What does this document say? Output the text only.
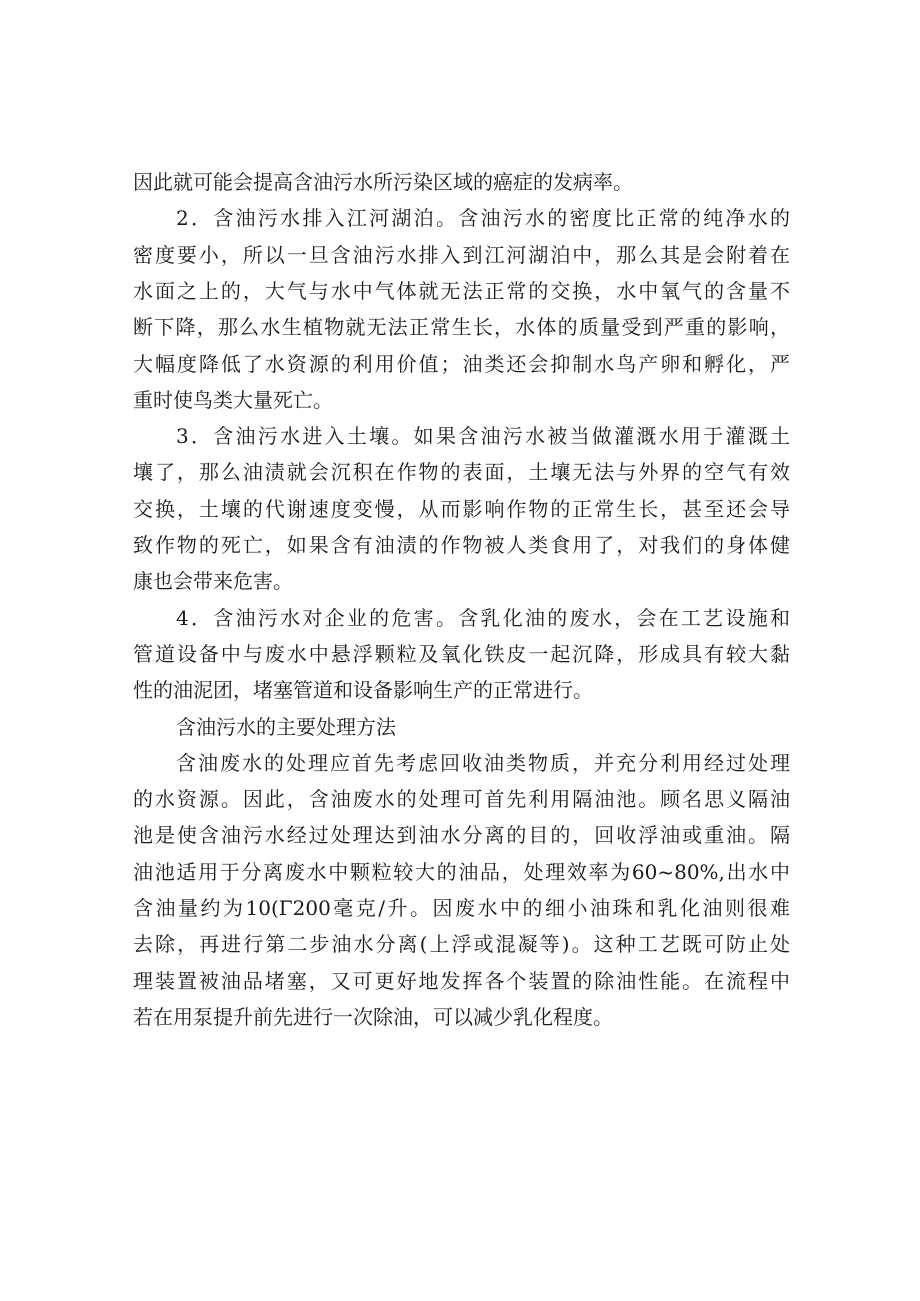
因此就可能会提高含油污水所污染区域的癌症的发病率。
2．含油污水排入江河湖泊。含油污水的密度比正常的纯净水的
密度要小，所以一旦含油污水排入到江河湖泊中，那么其是会附着在
水面之上的，大气与水中气体就无法正常的交换，水中氧气的含量不
断下降，那么水生植物就无法正常生长，水体的质量受到严重的影响，
大幅度降低了水资源的利用价值；油类还会抑制水鸟产卵和孵化，严
重时使鸟类大量死亡。
3．含油污水进入土壤。如果含油污水被当做灌溉水用于灌溉土
壤了，那么油渍就会沉积在作物的表面，土壤无法与外界的空气有效
交换，土壤的代谢速度变慢，从而影响作物的正常生长，甚至还会导
致作物的死亡，如果含有油渍的作物被人类食用了，对我们的身体健
康也会带来危害。
4．含油污水对企业的危害。含乳化油的废水，会在工艺设施和
管道设备中与废水中悬浮颗粒及氧化铁皮一起沉降，形成具有较大黏
性的油泥团，堵塞管道和设备影响生产的正常进行。
含油污水的主要处理方法
含油废水的处理应首先考虑回收油类物质，并充分利用经过处理
的水资源。因此，含油废水的处理可首先利用隔油池。顾名思义隔油
池是使含油污水经过处理达到油水分离的目的，回收浮油或重油。隔
油池适用于分离废水中颗粒较大的油品，处理效率为60~80%,出水中
含油量约为10(Γ200毫克/升。因废水中的细小油珠和乳化油则很难
去除，再进行第二步油水分离(上浮或混凝等)。这种工艺既可防止处
理装置被油品堵塞，又可更好地发挥各个装置的除油性能。在流程中
若在用泵提升前先进行一次除油，可以减少乳化程度。
